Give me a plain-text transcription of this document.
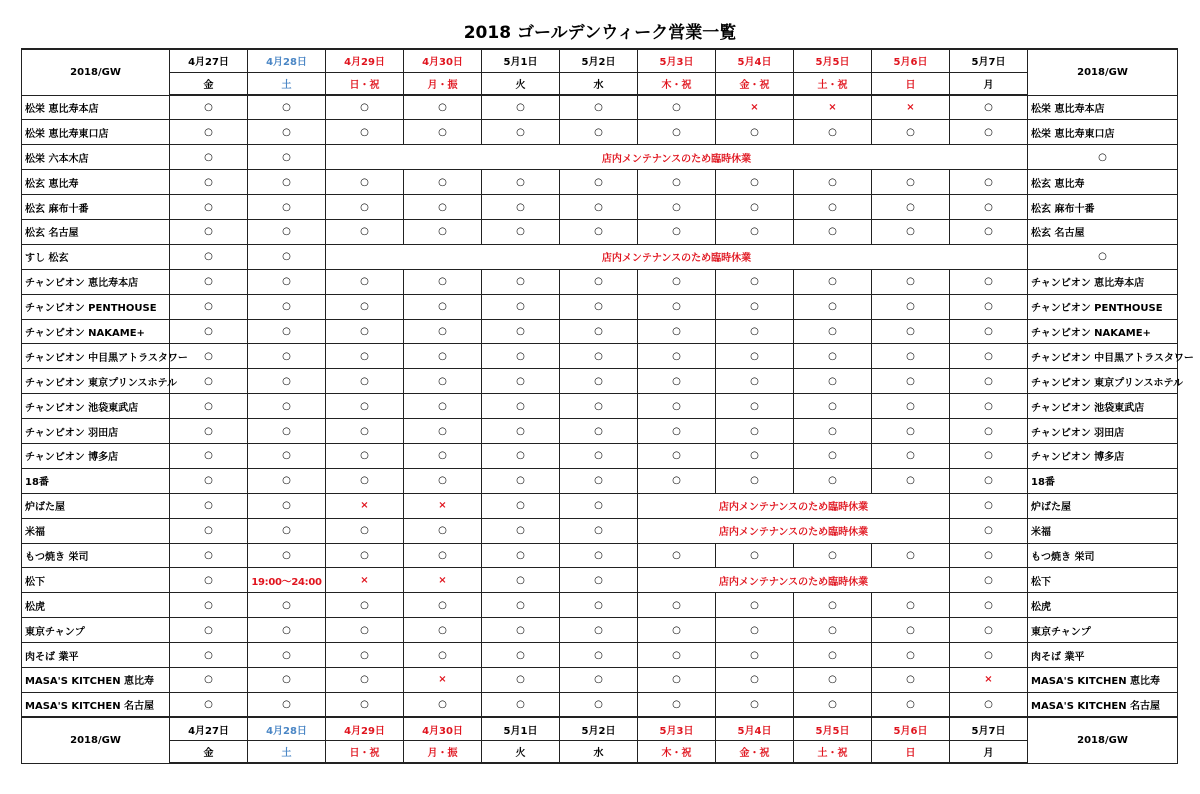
2018 ゴールデンウィーク営業一覧
2018/GW	4月27日	4月28日	4月29日	4月30日	5月1日	5月2日	5月3日	5月4日	5月5日	5月6日	5月7日	2018/GW	
	金	土	日・祝	月・振	火	水	木・祝	金・祝	土・祝	日	月		
松栄 恵比寿本店	○	○	○	○	○	○	○	×	×	×	○	松栄 恵比寿本店	
松栄 恵比寿東口店	○	○	○	○	○	○	○	○	○	○	○	松栄 恵比寿東口店	
松栄 六本木店	○	○	店内メンテナンスのため臨時休業									○	
松玄 恵比寿	○	○	○	○	○	○	○	○	○	○	○	松玄 恵比寿	
松玄 麻布十番	○	○	○	○	○	○	○	○	○	○	○	松玄 麻布十番	
松玄 名古屋	○	○	○	○	○	○	○	○	○	○	○	松玄 名古屋	
すし 松玄	○	○	店内メンテナンスのため臨時休業									○	
チャンピオン 恵比寿本店	○	○	○	○	○	○	○	○	○	○	○	チャンピオン 恵比寿本店	
チャンピオン PENTHOUSE	○	○	○	○	○	○	○	○	○	○	○	チャンピオン PENTHOUSE	
チャンピオン NAKAME+	○	○	○	○	○	○	○	○	○	○	○	チャンピオン NAKAME+	
チャンピオン 中目黒アトラスタワー	○	○	○	○	○	○	○	○	○	○	○	チャンピオン 中目黒アトラスタワー	
チャンピオン 東京プリンスホテル	○	○	○	○	○	○	○	○	○	○	○	チャンピオン 東京プリンスホテル	
チャンピオン 池袋東武店	○	○	○	○	○	○	○	○	○	○	○	チャンピオン 池袋東武店	
チャンピオン 羽田店	○	○	○	○	○	○	○	○	○	○	○	チャンピオン 羽田店	
チャンピオン 博多店	○	○	○	○	○	○	○	○	○	○	○	チャンピオン 博多店	
18番	○	○	○	○	○	○	○	○	○	○	○	18番	
炉ばた屋	○	○	×	×	○	○	店内メンテナンスのため臨時休業				○	炉ばた屋	
米福	○	○	○	○	○	○	店内メンテナンスのため臨時休業				○	米福	
もつ焼き 栄司	○	○	○	○	○	○	○	○	○	○	○	もつ焼き 栄司	
松下	○	19:00～24:00	×	×	○	○	店内メンテナンスのため臨時休業				○	松下	
松虎	○	○	○	○	○	○	○	○	○	○	○	松虎	
東京チャンプ	○	○	○	○	○	○	○	○	○	○	○	東京チャンプ	
肉そば 業平	○	○	○	○	○	○	○	○	○	○	○	肉そば 業平	
MASA'S KITCHEN 恵比寿	○	○	○	×	○	○	○	○	○	○	×	MASA'S KITCHEN 恵比寿	
MASA'S KITCHEN 名古屋	○	○	○	○	○	○	○	○	○	○	○	MASA'S KITCHEN 名古屋	
2018/GW	4月27日	4月28日	4月29日	4月30日	5月1日	5月2日	5月3日	5月4日	5月5日	5月6日	5月7日	2018/GW	
	金	土	日・祝	月・振	火	水	木・祝	金・祝	土・祝	日	月		
